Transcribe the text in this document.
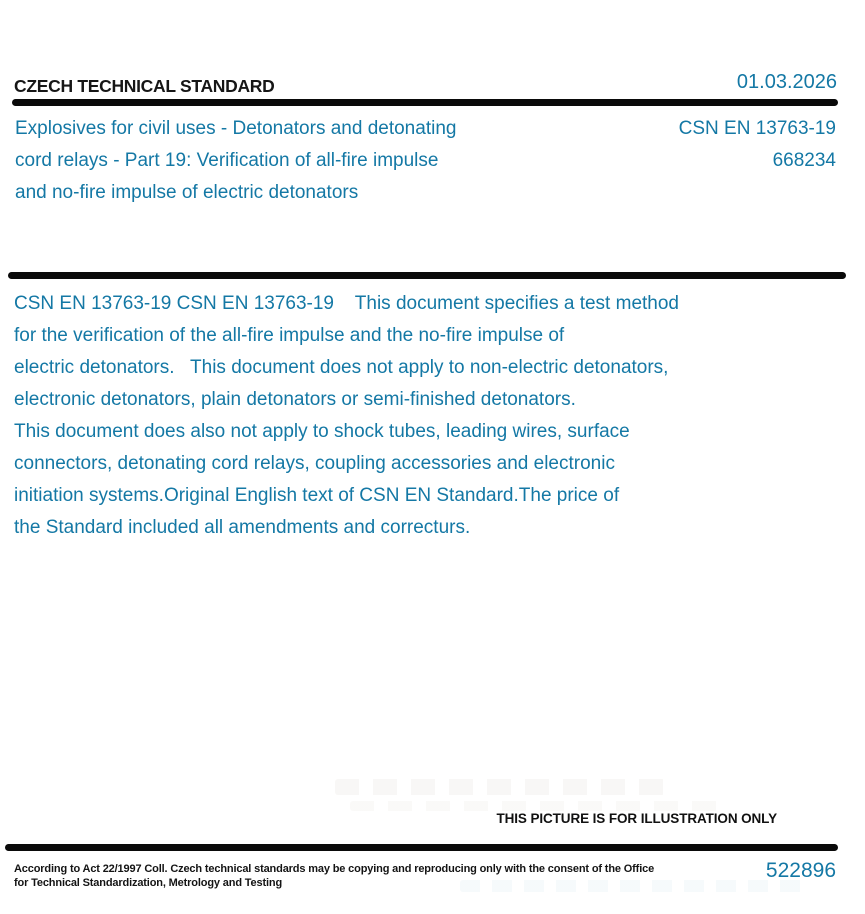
CZECH TECHNICAL STANDARD	01.03.2026
Explosives for civil uses - Detonators and detonating
cord relays - Part 19: Verification of all-fire impulse
and no-fire impulse of electric detonators
CSN EN 13763-19
668234
CSN EN 13763-19 CSN EN 13763-19    This document specifies a test method
for the verification of the all-fire impulse and the no-fire impulse of
electric detonators.   This document does not apply to non-electric detonators,
electronic detonators, plain detonators or semi-finished detonators.
This document does also not apply to shock tubes, leading wires, surface
connectors, detonating cord relays, coupling accessories and electronic
initiation systems.Original English text of CSN EN Standard.The price of
the Standard included all amendments and correcturs.
THIS PICTURE IS FOR ILLUSTRATION ONLY
According to Act 22/1997 Coll. Czech technical standards may be copying and reproducing only with the consent of the Office
for Technical Standardization, Metrology and Testing
522896
